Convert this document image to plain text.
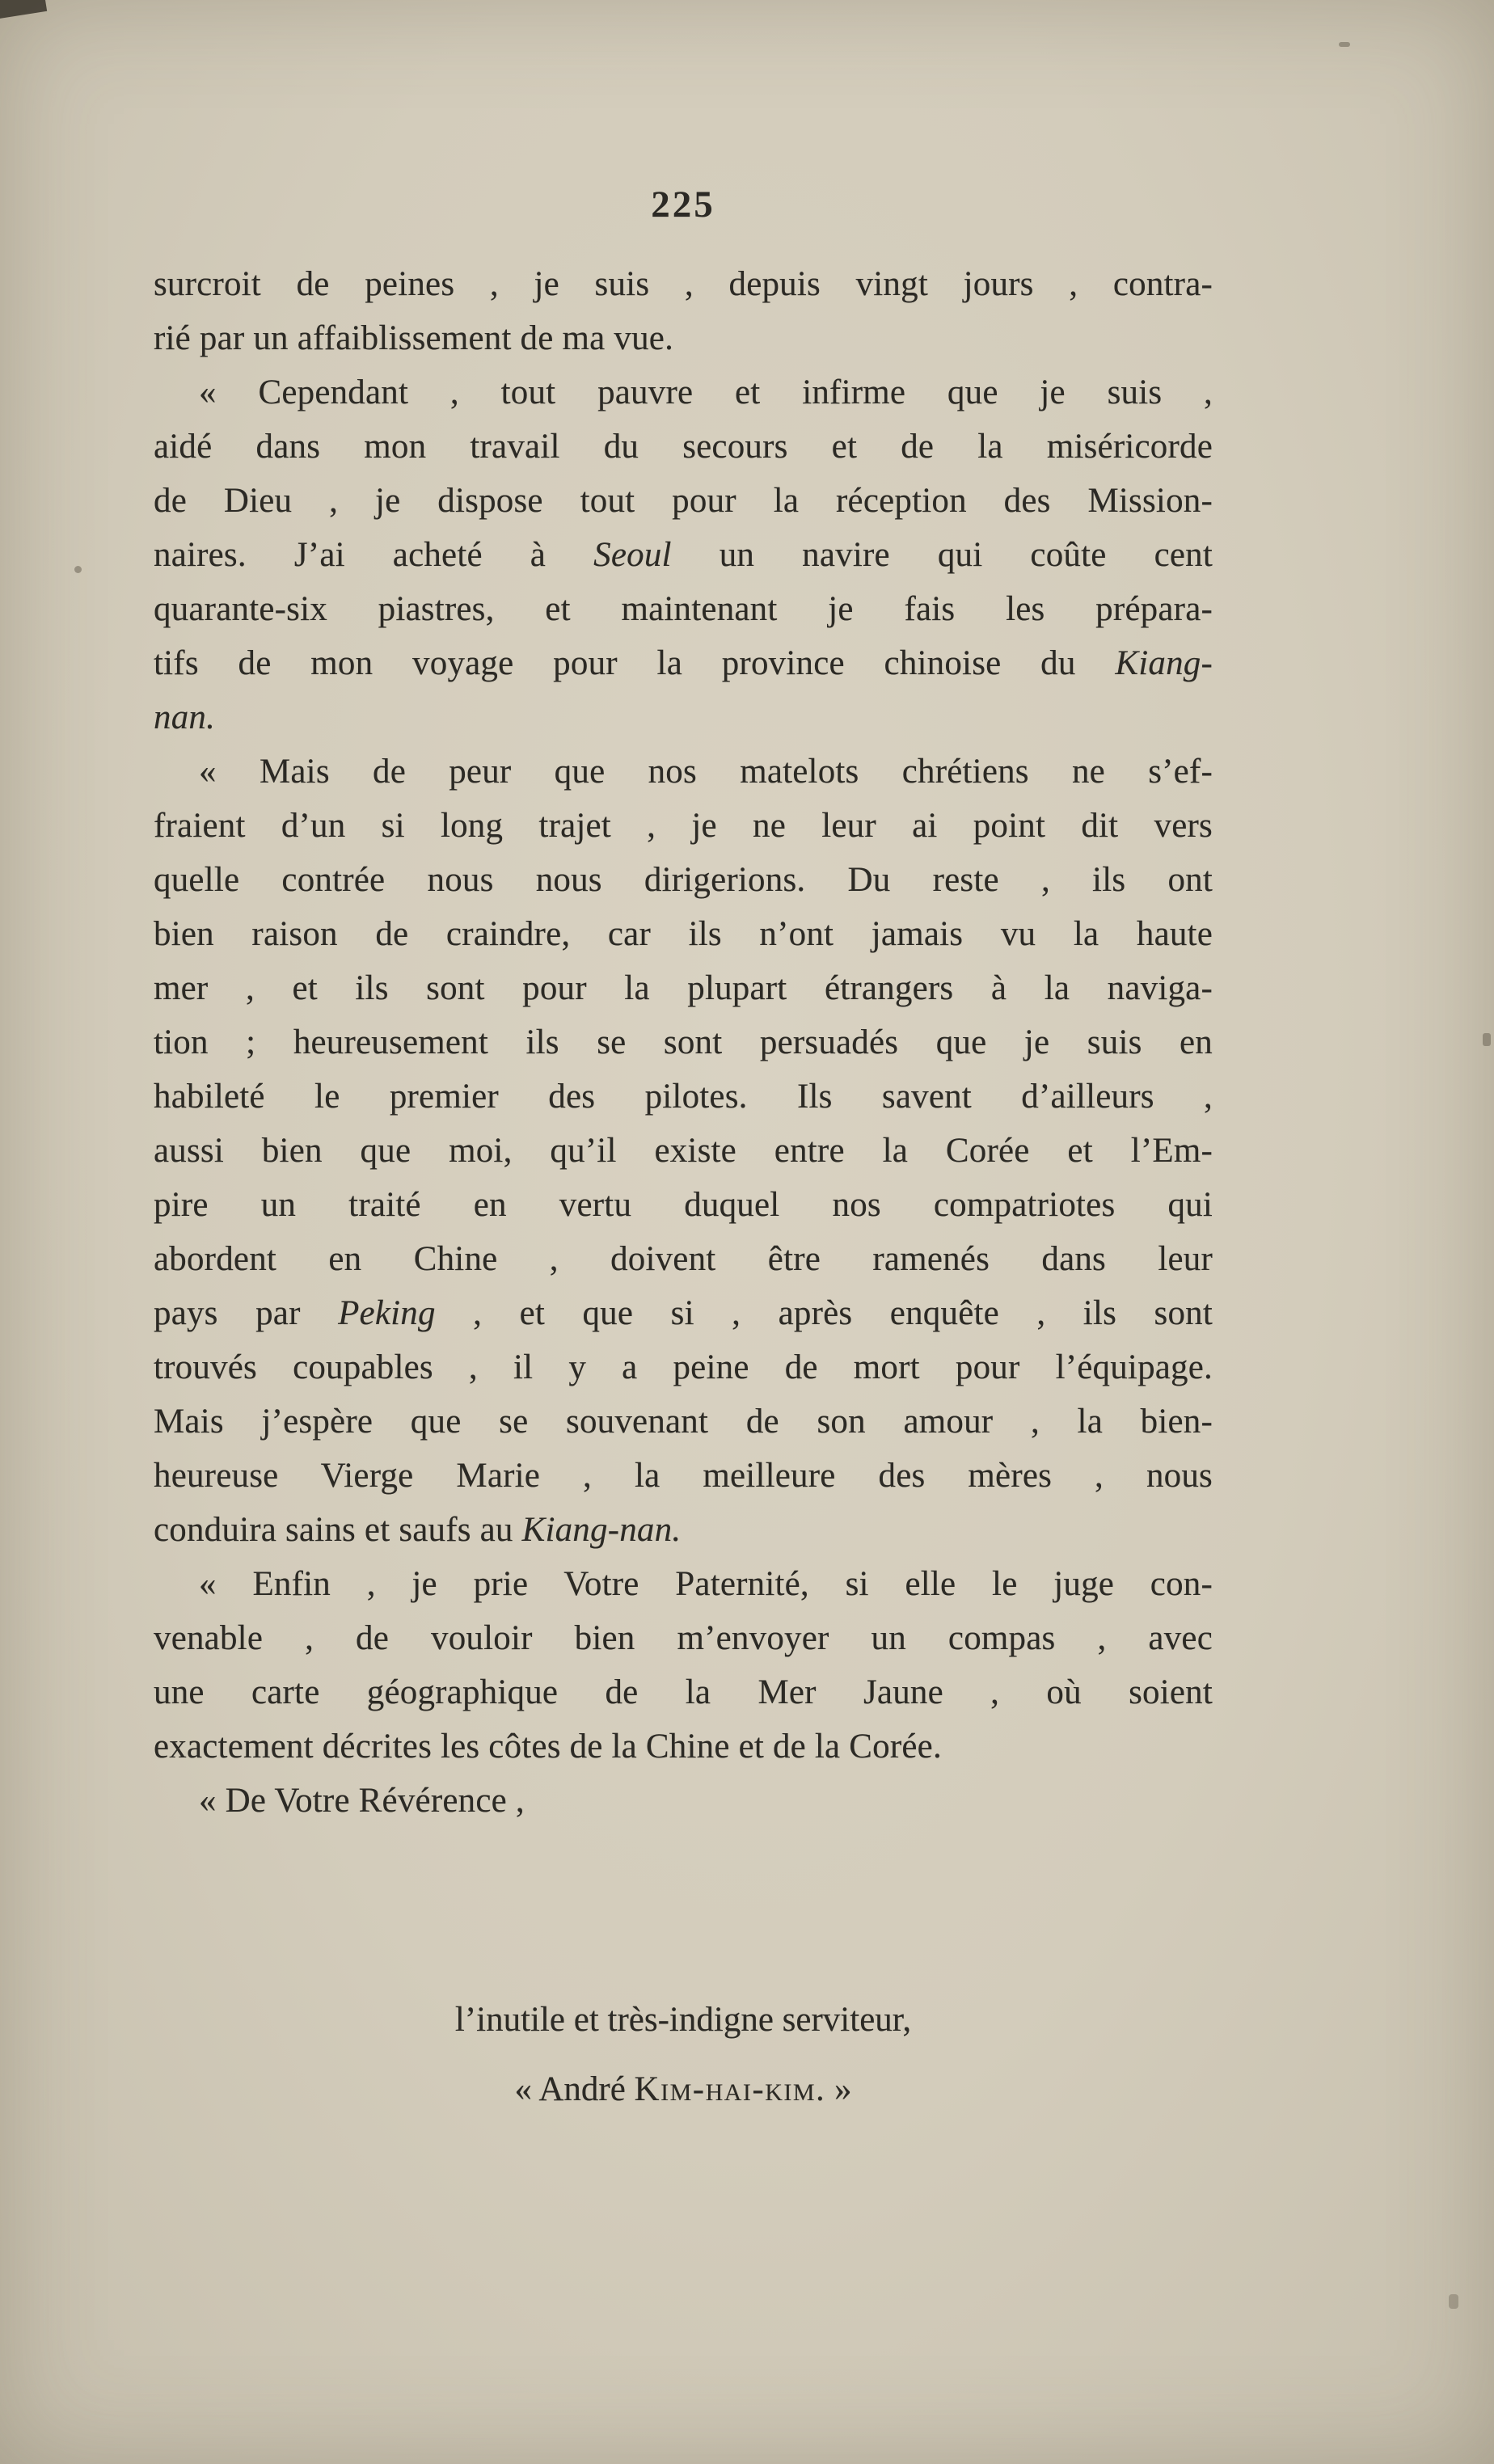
225
surcroit de peines , je suis , depuis vingt jours , contra-
rié par un affaiblissement de ma vue.
« Cependant , tout pauvre et infirme que je suis ,
aidé dans mon travail du secours et de la miséricorde
de Dieu , je dispose tout pour la réception des Mission-
naires. J’ai acheté à Seoul un navire qui coûte cent
quarante-six piastres, et maintenant je fais les prépara-
tifs de mon voyage pour la province chinoise du Kiang-
nan.
« Mais de peur que nos matelots chrétiens ne s’ef-
fraient d’un si long trajet , je ne leur ai point dit vers
quelle contrée nous nous dirigerions. Du reste , ils ont
bien raison de craindre, car ils n’ont jamais vu la haute
mer , et ils sont pour la plupart étrangers à la naviga-
tion ; heureusement ils se sont persuadés que je suis en
habileté le premier des pilotes. Ils savent d’ailleurs ,
aussi bien que moi, qu’il existe entre la Corée et l’Em-
pire un traité en vertu duquel nos compatriotes qui
abordent en Chine , doivent être ramenés dans leur
pays par Peking , et que si , après enquête , ils sont
trouvés coupables , il y a peine de mort pour l’équipage.
Mais j’espère que se souvenant de son amour , la bien-
heureuse Vierge Marie , la meilleure des mères , nous
conduira sains et saufs au Kiang-nan.
« Enfin , je prie Votre Paternité, si elle le juge con-
venable , de vouloir bien m’envoyer un compas , avec
une carte géographique de la Mer Jaune , où soient
exactement décrites les côtes de la Chine et de la Corée.
« De Votre Révérence ,
l’inutile et très-indigne serviteur,
« André Kim-hai-kim. »
